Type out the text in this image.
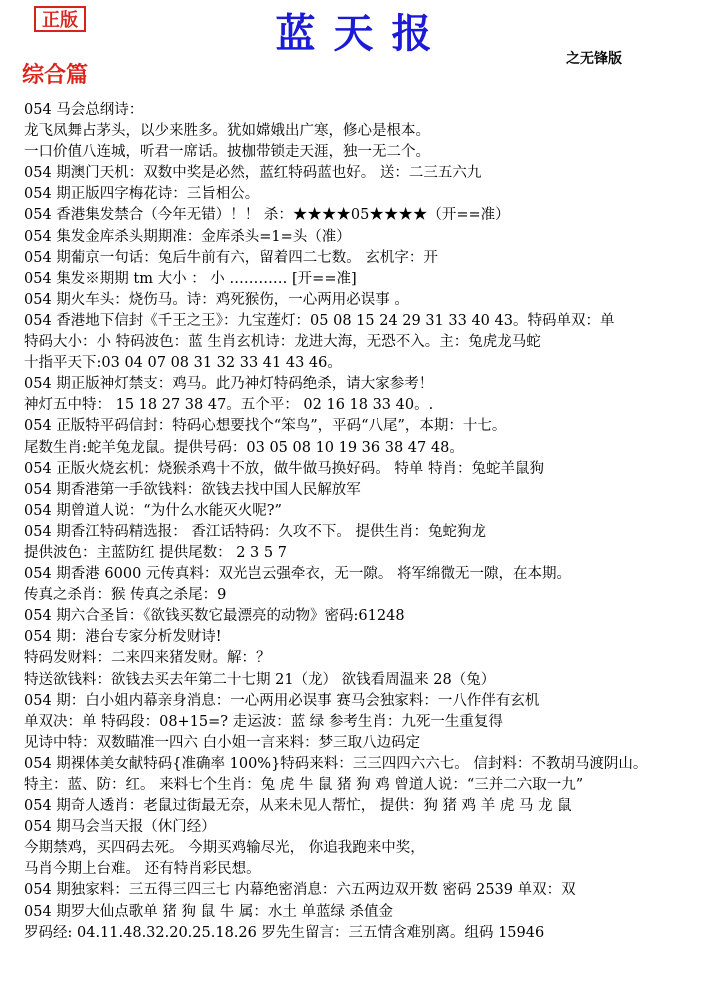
正版	蓝天报
综合篇
之无锋版
054 马会总纲诗：
龙飞凤舞占茅头，以少来胜多。犹如嫦娥出广寒，修心是根本。
一口价值八连城，听君一席话。披枷带锁走天涯，独一无二个。
054 期澳门天机：双数中奖是必然，蓝红特码蓝也好。 送：二三五六九
054 期正版四字梅花诗：三旨相公。
054 香港集发禁合（今年无错）！！ 杀：★★★★05★★★★（开==准）
054 集发金库杀头期期准：金库杀头=1=头（准）
054 期葡京一句话：兔后牛前有六，留着四二七数。 玄机字：开
054 集发※期期 tm 大小 ： 小 ………… [开==准]
054 期火车头：烧伤马。诗：鸡死猴伤，一心两用必误事 。
054 香港地下信封《千王之王》：九宝莲灯：05 08 15 24 29 31 33 40 43。特码单双：单
特码大小：小 特码波色：蓝 生肖玄机诗：龙进大海，无恐不入。主：兔虎龙马蛇
十指平天下:03 04 07 08 31 32 33 41 43 46。
054 期正版神灯禁支：鸡马。此乃神灯特码绝杀，请大家参考！
神灯五中特： 15 18 27 38 47。五个平： 02 16 18 33 40。.
054 正版特平码信封：特码心想要找个“笨鸟”，平码“八尾”，本期：十七。
尾数生肖:蛇羊兔龙鼠。提供号码：03 05 08 10 19 36 38 47 48。
054 正版火烧玄机：烧猴杀鸡十不放，做牛做马换好码。 特单 特肖：兔蛇羊鼠狗
054 期香港第一手欲钱料：欲钱去找中国人民解放军
054 期曾道人说：“为什么水能灭火呢?”
054 期香江特码精选报： 香江话特码：久攻不下。 提供生肖：兔蛇狗龙
提供波色：主蓝防红 提供尾数： 2 3 5 7
054 期香港 6000 元传真料：双光岂云强牵衣，无一隙。 将军绵微无一隙，在本期。
传真之杀肖：猴 传真之杀尾：9
054 期六合圣旨：《欲钱买数它最漂亮的动物》密码:61248
054 期：港台专家分析发财诗!
特码发财料：二来四来猪发财。解：？
特送欲钱料：欲钱去买去年第二十七期 21（龙） 欲钱看周温来 28（兔）
054 期：白小姐内幕亲身消息：一心两用必误事 赛马会独家料：一八作伴有玄机
单双决：单 特码段：08+15=? 走运波：蓝 绿 参考生肖：九死一生重复得
见诗中特：双数瞄准一四六 白小姐一言来料：梦三取八边码定
054 期裸体美女献特码{准确率 100%}特码来料：三三四四六六七。 信封料：不教胡马渡阴山。
特主：蓝、防：红。 来料七个生肖：兔 虎 牛 鼠 猪 狗 鸡 曾道人说：“三并二六取一九”
054 期奇人透肖：老鼠过街最无奈，从来未见人帮忙， 提供：狗 猪 鸡 羊 虎 马 龙 鼠
054 期马会当天报（休门经）
今期禁鸡，买四码去死。 今期买鸡输尽光， 你追我跑来中奖，
马肖今期上台难。 还有特肖彩民想。
054 期独家料：三五得三四三七 内幕绝密消息：六五两边双开数 密码 2539 单双：双
054 期罗大仙点歌单 猪 狗 鼠 牛 属：水土 单蓝绿 杀值金
罗码经: 04.11.48.32.20.25.18.26 罗先生留言：三五情含难别离。组码 15946
